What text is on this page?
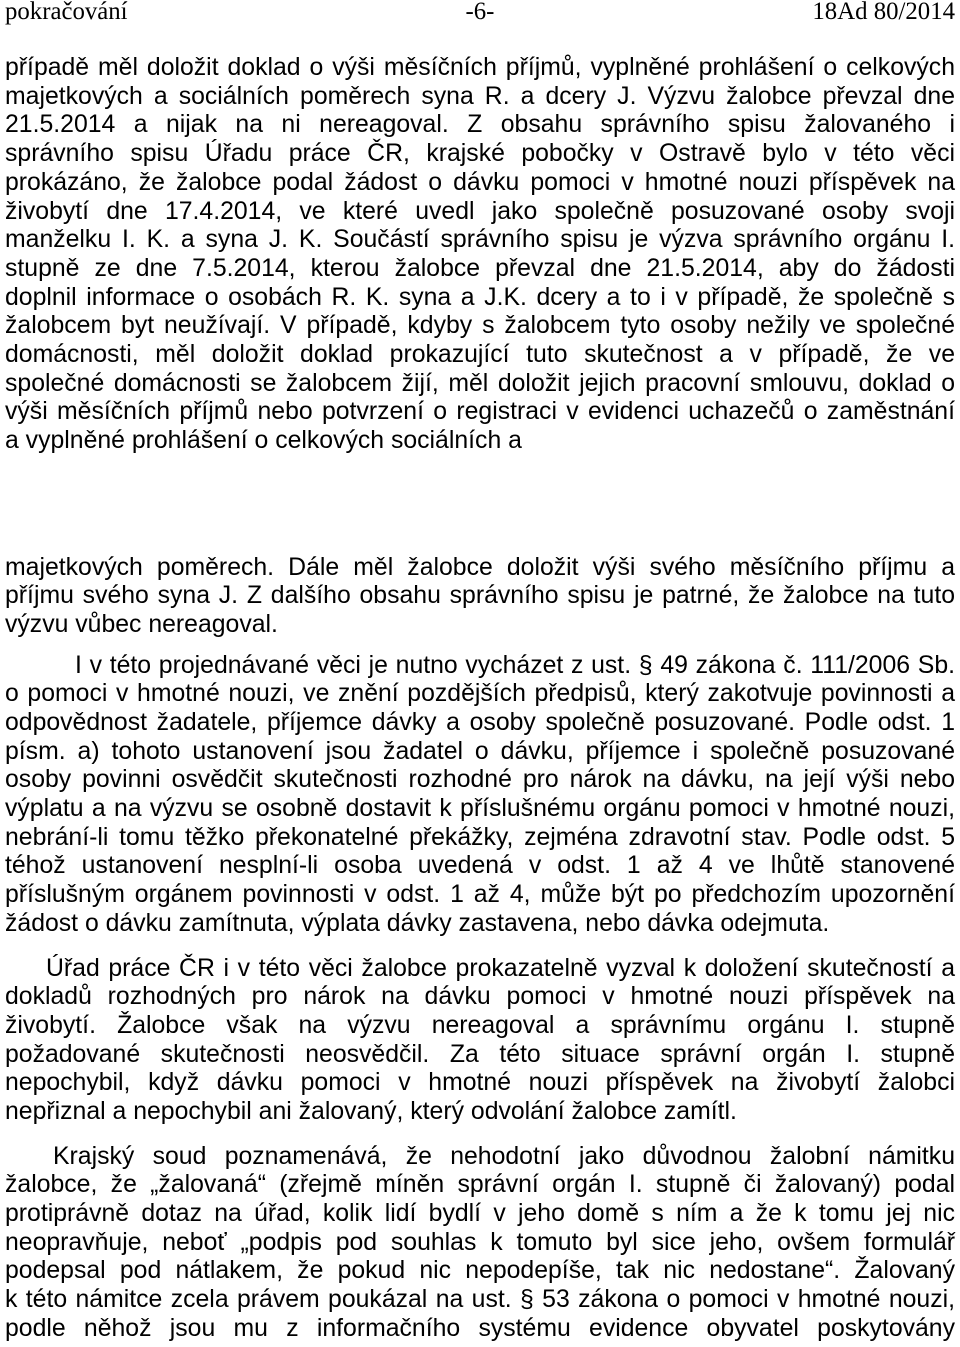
pokračování	-6-	18Ad 80/2014
případě měl doložit doklad o výši měsíčních příjmů, vyplněné prohlášení o celkových
majetkových a sociálních poměrech syna R. a dcery J. Výzvu žalobce převzal dne
21.5.2014 a nijak na ni nereagoval. Z obsahu správního spisu žalovaného i
správního spisu Úřadu práce ČR, krajské pobočky v Ostravě bylo v této věci
prokázáno, že žalobce podal žádost o dávku pomoci v hmotné nouzi příspěvek na
živobytí dne 17.4.2014, ve které uvedl jako společně posuzované osoby svoji
manželku I. K. a syna J. K. Součástí správního spisu je výzva správního orgánu I.
stupně ze dne 7.5.2014, kterou žalobce převzal dne 21.5.2014, aby do žádosti
doplnil informace o osobách R. K. syna a J.K. dcery a to i v případě, že společně s
žalobcem byt neužívají. V případě, kdyby s žalobcem tyto osoby nežily ve společné
domácnosti, měl doložit doklad prokazující tuto skutečnost a v případě, že ve
společné domácnosti se žalobcem žijí, měl doložit jejich pracovní smlouvu, doklad o
výši měsíčních příjmů nebo potvrzení o registraci v evidenci uchazečů o zaměstnání
a vyplněné prohlášení o celkových sociálních a
majetkových poměrech. Dále měl žalobce doložit výši svého měsíčního příjmu a
příjmu svého syna J. Z dalšího obsahu správního spisu je patrné, že žalobce na tuto
výzvu vůbec nereagoval.
I v této projednávané věci je nutno vycházet z ust. § 49 zákona č. 111/2006 Sb.
o pomoci v hmotné nouzi, ve znění pozdějších předpisů, který zakotvuje povinnosti a
odpovědnost žadatele, příjemce dávky a osoby společně posuzované. Podle odst. 1
písm. a) tohoto ustanovení jsou žadatel o dávku, příjemce i společně posuzované
osoby povinni osvědčit skutečnosti rozhodné pro nárok na dávku, na její výši nebo
výplatu a na výzvu se osobně dostavit k příslušnému orgánu pomoci v hmotné nouzi,
nebrání-li tomu těžko překonatelné překážky, zejména zdravotní stav. Podle odst. 5
téhož ustanovení nesplní-li osoba uvedená v odst. 1 až 4 ve lhůtě stanovené
příslušným orgánem povinnosti v odst. 1 až 4, může být po předchozím upozornění
žádost o dávku zamítnuta, výplata dávky zastavena, nebo dávka odejmuta.
Úřad práce ČR i v této věci žalobce prokazatelně vyzval k doložení skutečností a
dokladů rozhodných pro nárok na dávku pomoci v hmotné nouzi příspěvek na
živobytí. Žalobce však na výzvu nereagoval a správnímu orgánu I. stupně
požadované skutečnosti neosvědčil. Za této situace správní orgán I. stupně
nepochybil, když dávku pomoci v hmotné nouzi příspěvek na živobytí žalobci
nepřiznal a nepochybil ani žalovaný, který odvolání žalobce zamítl.
Krajský soud poznamenává, že nehodotní jako důvodnou žalobní námitku
žalobce, že „žalovaná“ (zřejmě míněn správní orgán I. stupně či žalovaný) podal
protiprávně dotaz na úřad, kolik lidí bydlí v jeho domě s ním a že k tomu jej nic
neopravňuje, neboť „podpis pod souhlas k tomuto byl sice jeho, ovšem formulář
podepsal pod nátlakem, že pokud nic nepodepíše, tak nic nedostane“. Žalovaný
k této námitce zcela právem poukázal na ust. § 53 zákona o pomoci v hmotné nouzi,
podle něhož jsou mu z informačního systému evidence obyvatel poskytovány
